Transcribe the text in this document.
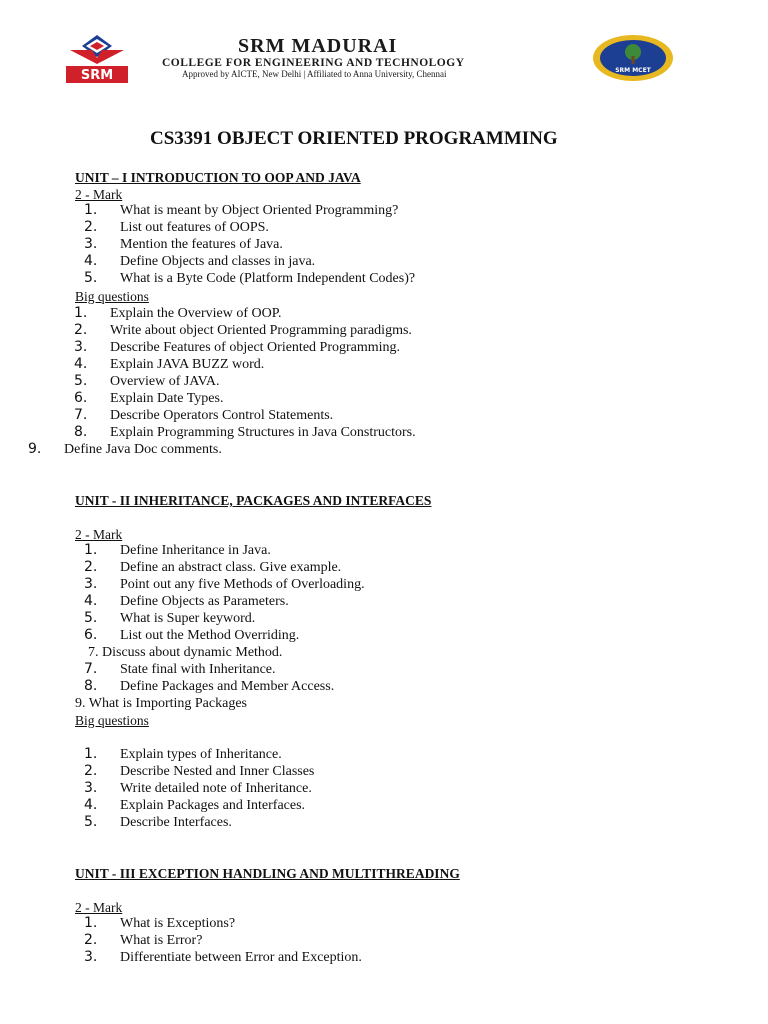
SRM
SRM MADURAI
COLLEGE FOR ENGINEERING AND TECHNOLOGY
Approved by AICTE, New Delhi | Affiliated to Anna University, Chennai	SRM MCET
CS3391 OBJECT ORIENTED PROGRAMMING
UNIT – I INTRODUCTION TO OOP AND JAVA
2 - Mark
1. What is meant by Object Oriented Programming?
2. List out features of OOPS.
3. Mention the features of Java.
4. Define Objects and classes in java.
5. What is a Byte Code (Platform Independent Codes)?
Big questions
1. Explain the Overview of OOP.
2. Write about object Oriented Programming paradigms.
3. Describe Features of object Oriented Programming.
4. Explain JAVA BUZZ word.
5. Overview of JAVA.
6. Explain Date Types.
7. Describe Operators Control Statements.
8. Explain Programming Structures in Java Constructors.
9. Define Java Doc comments.
UNIT - II INHERITANCE, PACKAGES AND INTERFACES
2 - Mark
1. Define Inheritance in Java.
2. Define an abstract class. Give example.
3. Point out any five Methods of Overloading.
4. Define Objects as Parameters.
5. What is Super keyword.
6. List out the Method Overriding.
7. Discuss about dynamic Method.
7. State final with Inheritance.
8. Define Packages and Member Access.
9. What is Importing Packages
Big questions
1. Explain types of Inheritance.
2. Describe Nested and Inner Classes
3. Write detailed note of Inheritance.
4. Explain Packages and Interfaces.
5. Describe Interfaces.
UNIT - III EXCEPTION HANDLING AND MULTITHREADING
2 - Mark
1. What is Exceptions?
2. What is Error?
3. Differentiate between Error and Exception.
